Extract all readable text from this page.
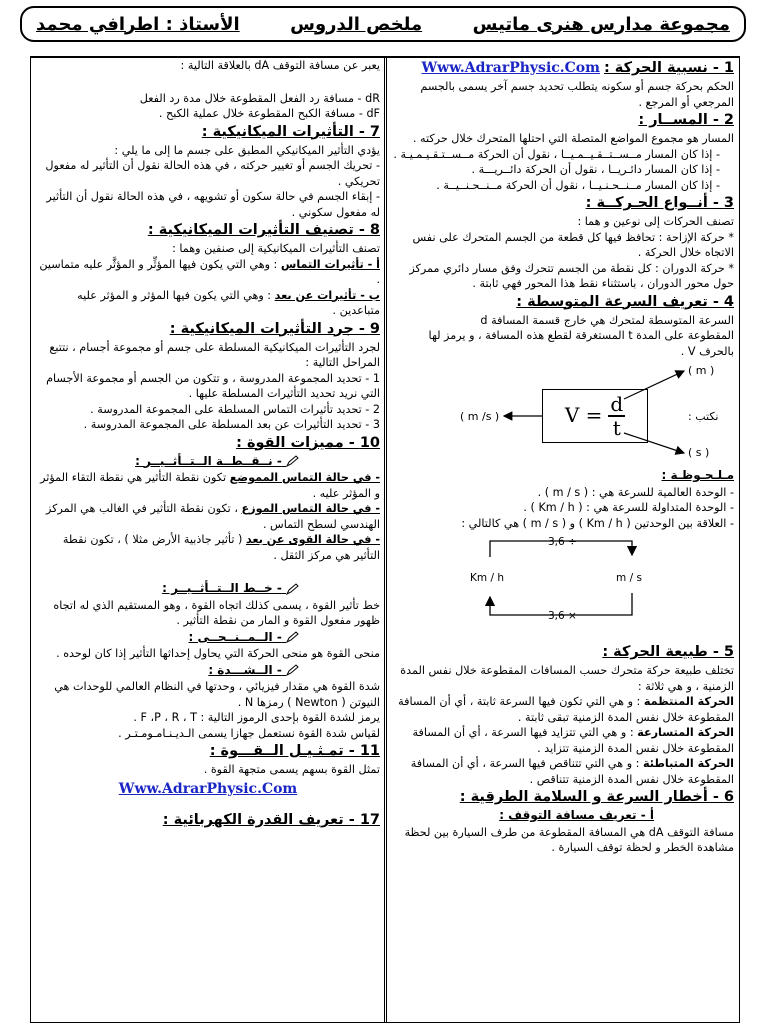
مجموعة مدارس هنرى ماتيس
ملخص الدروس
الأستاذ : اطرافي محمد
1 - نسبية الحركة :
Www.AdrarPhysic.Com

الحكم بحركة جسم أو سكونه يتطلب تحديد جسم آخر يسمى بالجسم المرجعي أو المرجع .

2 - المســار :

المسار هو مجموع المواضع المتصلة التي احتلها المتحرك خلال حركته .

- إذا كان المسار مــســتــقـيــمـيــا ، نقول أن الحركة مــســتـقـيـمـيـة .

- إذا كان المسار دائـريــا ، نقول أن الحركة دائــريـــة .

- إذا كان المسار مــنــحـنـيــا ، نقول أن الحركة مــنــحـنــيــة .

3 - أنــواع الحـركــة :

تصنف الحركات إلى نوعين و هما :

* حركة الإزاحة : تحافظ فيها كل قطعة من الجسم المتحرك على نفس الاتجاه خلال الحركة .

* حركة الدوران : كل نقطة من الجسم تتحرك وفق مسار دائري ممركز حول محور الدوران ، باستثناء نقط هذا المحور فهي ثابتة .

4 - تعريف السرعة المتوسطة :

السرعة المتوسطة لمتحرك هي خارج قسمة المسافة d

المقطوعة على المدة t المستغرقة لقطع هذه المسافة ، و يرمز لها بالحرف V .

( m )
( m /s )
( s )
نكتب :
$V = \frac{d}{t}$
مـلـحـوظـة :

- الوحدة العالمية للسرعة هي : ( m / s ) .

- الوحدة المتداولة للسرعة هي : ( Km / h ) .

- العلاقة بين الوحدتين ( Km / h ) و ( m / s ) هي كالتالي :

3,6 ÷
3,6 ×
Km / h	m / s
5 - طبيعة الحركة :

تختلف طبيعة حركة متحرك حسب المسافات المقطوعة خلال نفس المدة الزمنية ، و هي ثلاثة :

الحركة المنتظمة : و هي التي تكون فيها السرعة ثابتة ، أي أن المسافة المقطوعة خلال نفس المدة الزمنية تبقى ثابتة .

الحركة المتسارعة : و هي التي تتزايد فيها السرعة ، أي أن المسافة المقطوعة خلال نفس المدة الزمنية تتزايد .

الحركة المتباطئة : و هي التي تتناقص فيها السرعة ، أي أن المسافة المقطوعة خلال نفس المدة الزمنية تتناقص .

6 - أخطار السرعة و السلامة الطرقية :
أ - تعريف مسافة التوقف :

مسافة التوقف dA هي المسافة المقطوعة من طرف السيارة بين لحظة مشاهدة الخطر و لحظة توقف السيارة .

يعبر عن مسافة التوقف dA بالعلاقة التالية :

dR - مسافة رد الفعل المقطوعة خلال مدة رد الفعل

dF - مسافة الكبح المقطوعة خلال عملية الكبح .

7 - التأثيرات الميكانيكية :

يؤدي التأثير الميكانيكي المطبق على جسم ما إلى ما يلي :

- تحريك الجسم أو تغيير حركته ، في هذه الحالة نقول أن التأثير له مفعول تحريكي .

- إبقاء الجسم في حالة سكون أو تشويهه ، في هذه الحالة نقول أن التأثير له مفعول سكوني .

8 - تصنيف التأثيرات الميكانيكية :

تصنف التأثيرات الميكانيكية إلى صنفين وهما :

أ - تأثيرات التماس : وهي التي يكون فيها المؤثِّر و المؤثَّر عليه متماسين .

ب - تأثيرات عن بعد : وهي التي يكون فيها المؤثر و المؤثر عليه متباعدين .

9 - جرد التأثيرات الميكانيكية :

لجرد التأثيرات الميكانيكية المسلطة على جسم أو مجموعة أجسام ، نتتبع المراحل التالية :

1 - تحديد المجموعة المدروسة ، و تتكون من الجسم أو مجموعة الأجسام التي نريد تحديد التأثيرات المسلطة عليها .

2 - تحديد تأثيرات التماس المسلطة على المجموعة المدروسة .

3 - تحديد التأثيرات عن بعد المسلطة على المجموعة المدروسة .

10 - مميزات القوة :
- نــقــطــة الــتــأثــيــر :

- في حالة التماس المموضع تكون نقطة التأثير هي نقطة التقاء المؤثر و المؤثر عليه .

- في حالة التماس الموزع ، تكون نقطة التأثير في الغالب هي المركز الهندسي لسطح التماس .

- في حالة القوى عن بعد ( تأثير جاذبية الأرض مثلا ) ، تكون نقطة التأثير هي مركز الثقل .

- خــط الــتــأثــيــر :

خط تأثير القوة ، يسمى كذلك اتجاه القوة ، وهو المستقيم الذي له اتجاه ظهور مفعول القوة و المار من نقطة التأثير .

- الــمــنــحــى :

منحى القوة هو منحى الحركة التي يحاول إحداثها التأثير إذا كان لوحده .

- الــشـــدة :

شدة القوة هي مقدار فيزيائي ، وحدتها في النظام العالمي للوحدات هي النيوتن ( Newton ) رمزها N .

يرمز لشدة القوة بإحدى الرموز التالية : F ،P ، R ، T .

لقياس شدة القوة نستعمل جهازا يسمى الـديـنـامـومـتـر .

11 - تمـثـيـل الــقـــوة :

تمثل القوة بسهم يسمى متجهة القوة .

Www.AdrarPhysic.Com
17 - تعريف القدرة الكهربائية :
